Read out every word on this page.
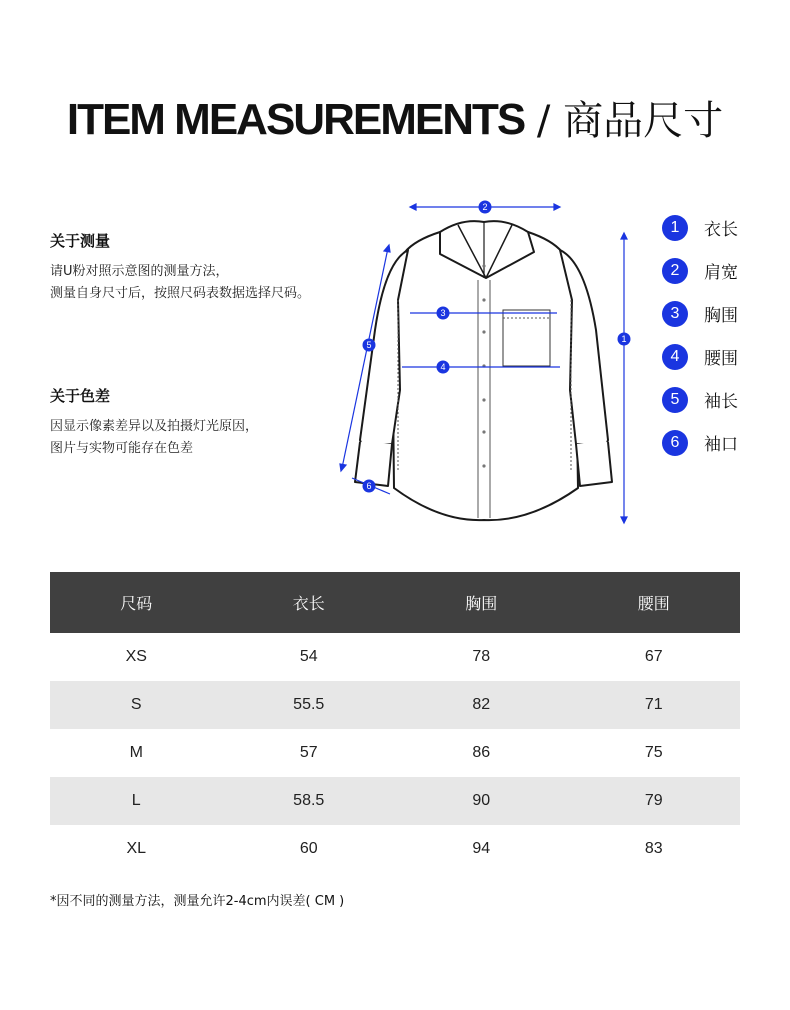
ITEM MEASUREMENTS / 商品尺寸
关于测量
请U粉对照示意图的测量方法，
测量自身尺寸后，按照尺码表数据选择尺码。
关于色差
因显示像素差异以及拍摄灯光原因，
图片与实物可能存在色差
2
1
3
4
5
6
1	衣长
2	肩宽
3	胸围
4	腰围
5	袖长
6	袖口
尺码	衣长	胸围	腰围
XS	54	78	67
S	55.5	82	71
M	57	86	75
L	58.5	90	79
XL	60	94	83
*因不同的测量方法，测量允许2-4cm内误差( CM )
